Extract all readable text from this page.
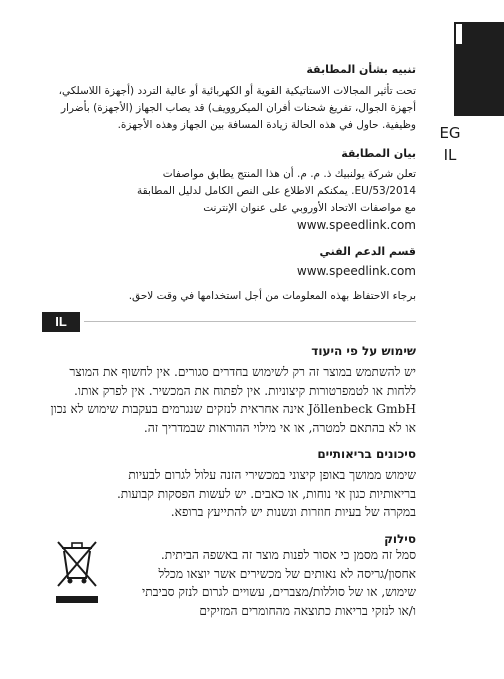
EG
IL

تنبيه بشأن المطابقة

تحت تأثير المجالات الاستاتيكية القوية أو الكهربائية أو عالية التردد (أجهزة اللاسلكي،

أجهزة الجوال، تفريغ شحنات أفران الميكروويف) قد يصاب الجهاز (الأجهزة) بأضرار

وظيفية. حاول في هذه الحالة زيادة المسافة بين الجهاز وهذه الأجهزة.

بيان المطابقة

تعلن شركة يولنبيك ذ. م. م. أن هذا المنتج يطابق مواصفات

53/2014/EU. يمكنكم الاطلاع على النص الكامل لدليل المطابقة

مع مواصفات الاتحاد الأوروبي على عنوان الإنترنت

www.speedlink.com

قسم الدعم الفني

www.speedlink.com

برجاء الاحتفاظ بهذه المعلومات من أجل استخدامها في وقت لاحق.

IL

שימוש על פי היעוד

יש להשתמש במוצר זה רק לשימוש בחדרים סגורים. אין לחשוף את המוצר

ללחות או לטמפרטורות קיצוניות. אין לפתוח את המכשיר. אין לפרק אותו.

Jöllenbeck GmbH אינה אחראית לנזקים שנגרמים בעקבות שימוש לא נכון

או לא בהתאם למטרה, או אי מילוי ההוראות שבמדריך זה.

סיכונים בריאותיים

שימוש ממושך באופן קיצוני במכשירי הזנה עלול לגרום לבעיות

בריאותיות כגון אי נוחות, או כאבים. יש לעשות הפסקות קבועות.

במקרה של בעיות חוזרות ונשנות יש להתייעץ ברופא.

סילוק

סמל זה מסמן כי אסור לפנות מוצר זה באשפה הביתית.

אחסון/גריסה לא נאותים של מכשירים אשר יוצאו מכלל

שימוש, או של סוללות/מצברים, עשויים לגרום לנזק סביבתי

ו/או לנזקי בריאות כתוצאה מהחומרים המזיקים
